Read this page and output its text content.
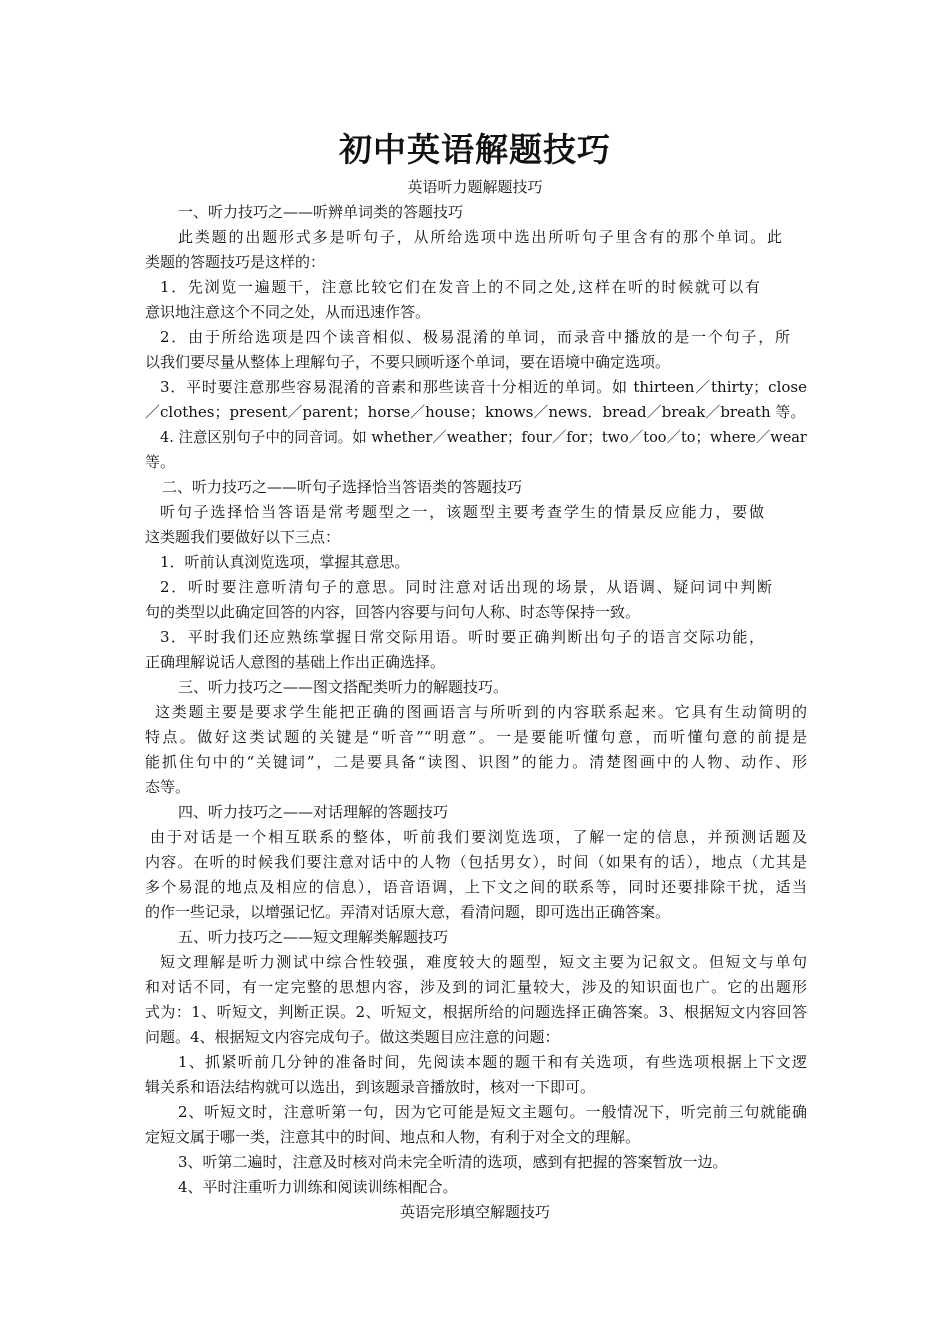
初中英语解题技巧
英语听力题解题技巧
一、听力技巧之——听辨单词类的答题技巧
此类题的出题形式多是听句子，从所给选项中选出所听句子里含有的那个单词。此
类题的答题技巧是这样的：
1．先浏览一遍题干，注意比较它们在发音上的不同之处,这样在听的时候就可以有
意识地注意这个不同之处，从而迅速作答。
2．由于所给选项是四个读音相似、极易混淆的单词，而录音中播放的是一个句子，所
以我们要尽量从整体上理解句子，不要只顾听逐个单词，要在语境中确定选项。
3．平时要注意那些容易混淆的音素和那些读音十分相近的单词。如 thirteen／thirty；close
／clothes；present／parent；horse／house；knows／news．bread／break／breath 等。
4. 注意区别句子中的同音词。如 whether／weather；four／for；two／too／to；where／wear
等。
二、听力技巧之——听句子选择恰当答语类的答题技巧
听句子选择恰当答语是常考题型之一，该题型主要考查学生的情景反应能力，要做
这类题我们要做好以下三点：
1．听前认真浏览选项，掌握其意思。
2．听时要注意听清句子的意思。同时注意对话出现的场景，从语调、疑问词中判断
句的类型以此确定回答的内容，回答内容要与问句人称、时态等保持一致。
3．平时我们还应熟练掌握日常交际用语。听时要正确判断出句子的语言交际功能，
正确理解说话人意图的基础上作出正确选择。
三、听力技巧之——图文搭配类听力的解题技巧。
这类题主要是要求学生能把正确的图画语言与所听到的内容联系起来。它具有生动简明的
特点。做好这类试题的关键是“听音”“明意”。一是要能听懂句意，而听懂句意的前提是
能抓住句中的“关键词”，二是要具备“读图、识图”的能力。清楚图画中的人物、动作、形
态等。
四、听力技巧之——对话理解的答题技巧
由于对话是一个相互联系的整体，听前我们要浏览选项，了解一定的信息，并预测话题及
内容。在听的时候我们要注意对话中的人物（包括男女），时间（如果有的话），地点（尤其是
多个易混的地点及相应的信息），语音语调，上下文之间的联系等，同时还要排除干扰，适当
的作一些记录，以增强记忆。弄清对话原大意，看清问题，即可选出正确答案。
五、听力技巧之——短文理解类解题技巧
短文理解是听力测试中综合性较强，难度较大的题型，短文主要为记叙文。但短文与单句
和对话不同，有一定完整的思想内容，涉及到的词汇量较大，涉及的知识面也广。它的出题形
式为：1、听短文，判断正误。2、听短文，根据所给的问题选择正确答案。3、根据短文内容回答
问题。4、根据短文内容完成句子。做这类题目应注意的问题：
1、抓紧听前几分钟的准备时间，先阅读本题的题干和有关选项，有些选项根据上下文逻
辑关系和语法结构就可以选出，到该题录音播放时，核对一下即可。
2、听短文时，注意听第一句，因为它可能是短文主题句。一般情况下，听完前三句就能确
定短文属于哪一类，注意其中的时间、地点和人物，有利于对全文的理解。
3、听第二遍时，注意及时核对尚未完全听清的选项，感到有把握的答案暂放一边。
4、平时注重听力训练和阅读训练相配合。
英语完形填空解题技巧
